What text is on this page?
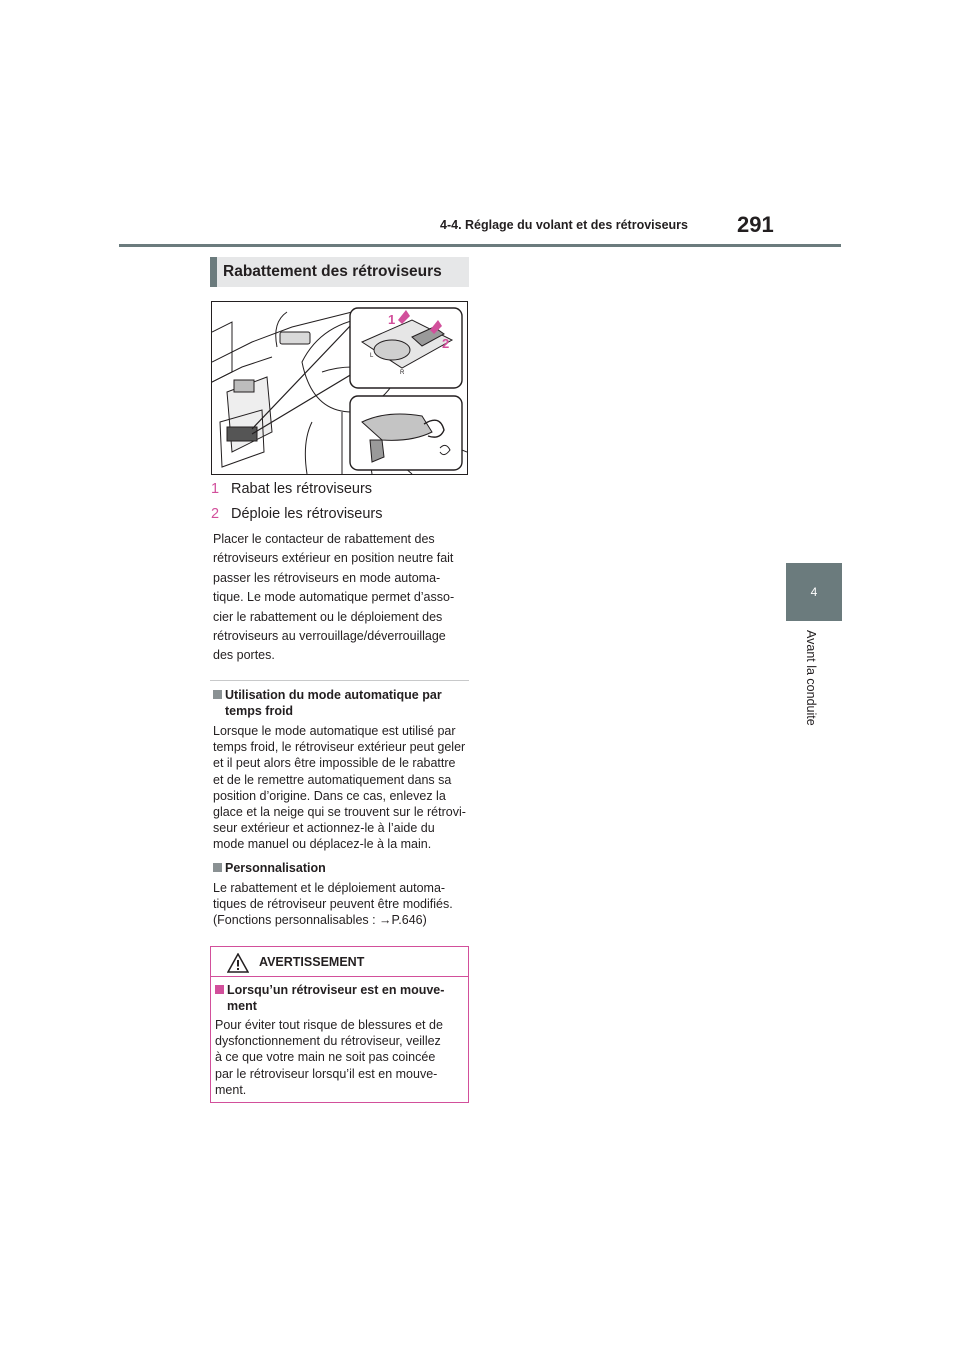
4-4. Réglage du volant et des rétroviseurs 291
4
Avant la conduite
Rabattement des rétroviseurs
L
R
1
2
1 Rabat les rétroviseurs
2 Déploie les rétroviseurs
Placer le contacteur de rabattement des
rétroviseurs extérieur en position neutre fait
passer les rétroviseurs en mode automa-
tique. Le mode automatique permet d’asso-
cier le rabattement ou le déploiement des
rétroviseurs au verrouillage/déverrouillage
des portes.
Utilisation du mode automatique par
temps froid
Lorsque le mode automatique est utilisé par
temps froid, le rétroviseur extérieur peut geler
et il peut alors être impossible de le rabattre
et de le remettre automatiquement dans sa
position d’origine. Dans ce cas, enlevez la
glace et la neige qui se trouvent sur le rétrovi-
seur extérieur et actionnez-le à l’aide du
mode manuel ou déplacez-le à la main.
Personnalisation
Le rabattement et le déploiement automa-
tiques de rétroviseur peuvent être modifiés.
(Fonctions personnalisables : →P.646)
AVERTISSEMENT
Lorsqu’un rétroviseur est en mouve-
ment
Pour éviter tout risque de blessures et de
dysfonctionnement du rétroviseur, veillez
à ce que votre main ne soit pas coincée
par le rétroviseur lorsqu’il est en mouve-
ment.
